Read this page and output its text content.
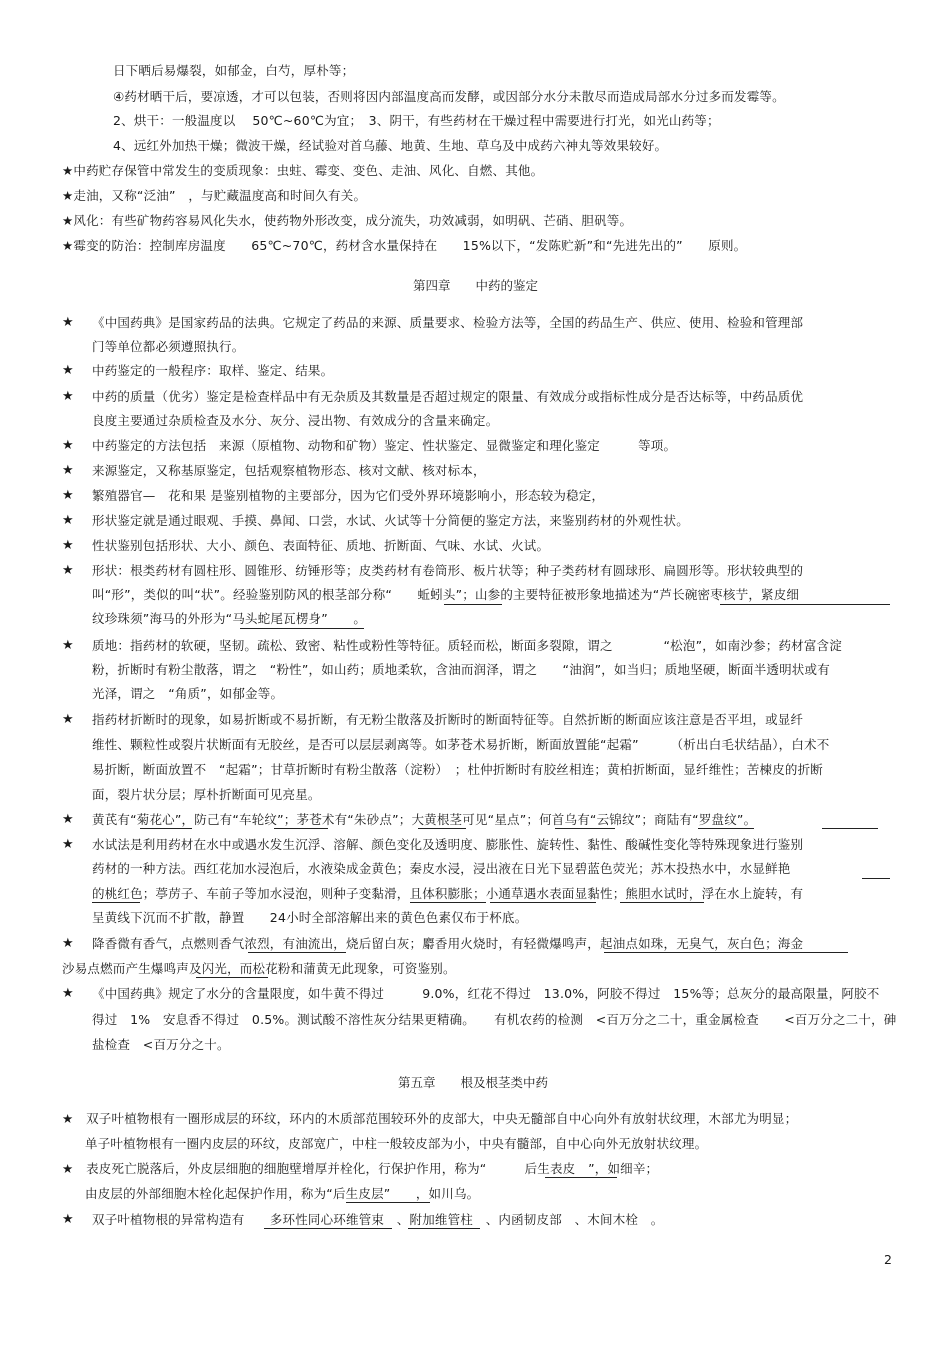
日下晒后易爆裂，如郁金，白芍，厚朴等；
④药材晒干后，要凉透，才可以包装，否则将因内部温度高而发酵，或因部分水分未散尽而造成局部水分过多而发霉等。
2、烘干：一般温度以　 50℃~60℃为宜；　3、阴干，有些药材在干燥过程中需要进行打光，如光山药等；
4、远红外加热干燥；微波干燥，经试验对首乌藤、地黄、生地、草乌及中成药六神丸等效果较好。
★中药贮存保管中常发生的变质现象：虫蛀、霉变、变色、走油、风化、自燃、其他。
★走油，又称“泛油”　，与贮藏温度高和时间久有关。
★风化：有些矿物药容易风化失水，使药物外形改变，成分流失，功效减弱，如明矾、芒硝、胆矾等。
★霉变的防治：控制库房温度　　65℃~70℃，药材含水量保持在　　15%以下，“发陈贮新”和“先进先出的”　　原则。
第四章　　中药的鉴定
★ 《中国药典》是国家药品的法典。它规定了药品的来源、质量要求、检验方法等，全国的药品生产、供应、使用、检验和管理部
门等单位都必须遵照执行。
★ 中药鉴定的一般程序：取样、鉴定、结果。
★ 中药的质量（优劣）鉴定是检查样品中有无杂质及其数量是否超过规定的限量、有效成分或指标性成分是否达标等，中药品质优
良度主要通过杂质检查及水分、灰分、浸出物、有效成分的含量来确定。
★ 中药鉴定的方法包括　来源（原植物、动物和矿物）鉴定、性状鉴定、显微鉴定和理化鉴定　　　等项。
★ 来源鉴定，又称基原鉴定，包括观察植物形态、核对文献、核对标本，
★ 繁殖器官—　花和果 是鉴别植物的主要部分，因为它们受外界环境影响小，形态较为稳定，
★ 形状鉴定就是通过眼观、手摸、鼻闻、口尝，水试、火试等十分简便的鉴定方法，来鉴别药材的外观性状。
★ 性状鉴别包括形状、大小、颜色、表面特征、质地、折断面、气味、水试、火试。
★ 形状：根类药材有圆柱形、圆锥形、纺锤形等；皮类药材有卷筒形、板片状等；种子类药材有圆球形、扁圆形等。形状较典型的
叫“形”，类似的叫“状”。经验鉴别防风的根茎部分称“　　蚯蚓头”；山参的主要特征被形象地描述为“芦长碗密枣核艼，紧皮细
纹珍珠须”海马的外形为“马头蛇尾瓦楞身”　　。
★ 质地：指药材的软硬，坚韧。疏松、致密、粘性或粉性等特征。质轻而松，断面多裂隙，谓之　　　　“松泡”，如南沙参；药材富含淀
粉，折断时有粉尘散落，谓之　“粉性”，如山药；质地柔软，含油而润泽，谓之　　“油润”，如当归；质地坚硬，断面半透明状或有
光泽，谓之　“角质”，如郁金等。
★ 指药材折断时的现象，如易折断或不易折断，有无粉尘散落及折断时的断面特征等。自然折断的断面应该注意是否平坦，或显纤
维性、颗粒性或裂片状断面有无胶丝，是否可以层层剥离等。如茅苍术易折断，断面放置能“起霜”　　　（析出白毛状结晶），白术不
易折断，断面放置不　“起霜”；甘草折断时有粉尘散落（淀粉）　；杜仲折断时有胶丝相连；黄柏折断面，显纤维性；苦楝皮的折断
面，裂片状分层；厚朴折断面可见亮星。
★ 黄芪有“菊花心”，防己有“车轮纹”；茅苍术有“朱砂点”；大黄根茎可见“星点”；何首乌有“云锦纹”；商陆有“罗盘纹”。
★ 水试法是利用药材在水中或遇水发生沉浮、溶解、颜色变化及透明度、膨胀性、旋转性、黏性、酸碱性变化等特殊现象进行鉴别
药材的一种方法。西红花加水浸泡后，水液染成金黄色；秦皮水浸，浸出液在日光下显碧蓝色荧光；苏木投热水中，水显鲜艳
的桃红色；葶苈子、车前子等加水浸泡，则种子变黏滑，且体积膨胀；小通草遇水表面显黏性；熊胆水试时，浮在水上旋转，有
呈黄线下沉而不扩散，静置　　24小时全部溶解出来的黄色色素仅布于杯底。
★ 降香微有香气，点燃则香气浓烈，有油流出，烧后留白灰；麝香用火烧时，有轻微爆鸣声，起油点如珠，无臭气，灰白色；海金
沙易点燃而产生爆鸣声及闪光，而松花粉和蒲黄无此现象，可资鉴别。
★ 《中国药典》规定了水分的含量限度，如牛黄不得过　　　9.0%，红花不得过　13.0%，阿胶不得过　15%等；总灰分的最高限量，阿胶不
得过　1%　安息香不得过　0.5%。测试酸不溶性灰分结果更精确。　　有机农药的检测　<百万分之二十，重金属检查　　<百万分之二十，砷
盐检查　<百万分之十。
第五章　　根及根茎类中药
★　双子叶植物根有一圈形成层的环纹，环内的木质部范围较环外的皮部大，中央无髓部自中心向外有放射状纹理，木部尤为明显；
单子叶植物根有一圈内皮层的环纹，皮部宽广，中柱一般较皮部为小，中央有髓部，自中心向外无放射状纹理。
★　表皮死亡脱落后，外皮层细胞的细胞壁增厚并栓化，行保护作用，称为“　　　后生表皮　”，如细辛；
由皮层的外部细胞木栓化起保护作用，称为“后生皮层”　　，如川乌。
★ 双子叶植物根的异常构造有　　多环性同心环维管束　、附加维管柱　、内函韧皮部　、木间木栓　。
2
